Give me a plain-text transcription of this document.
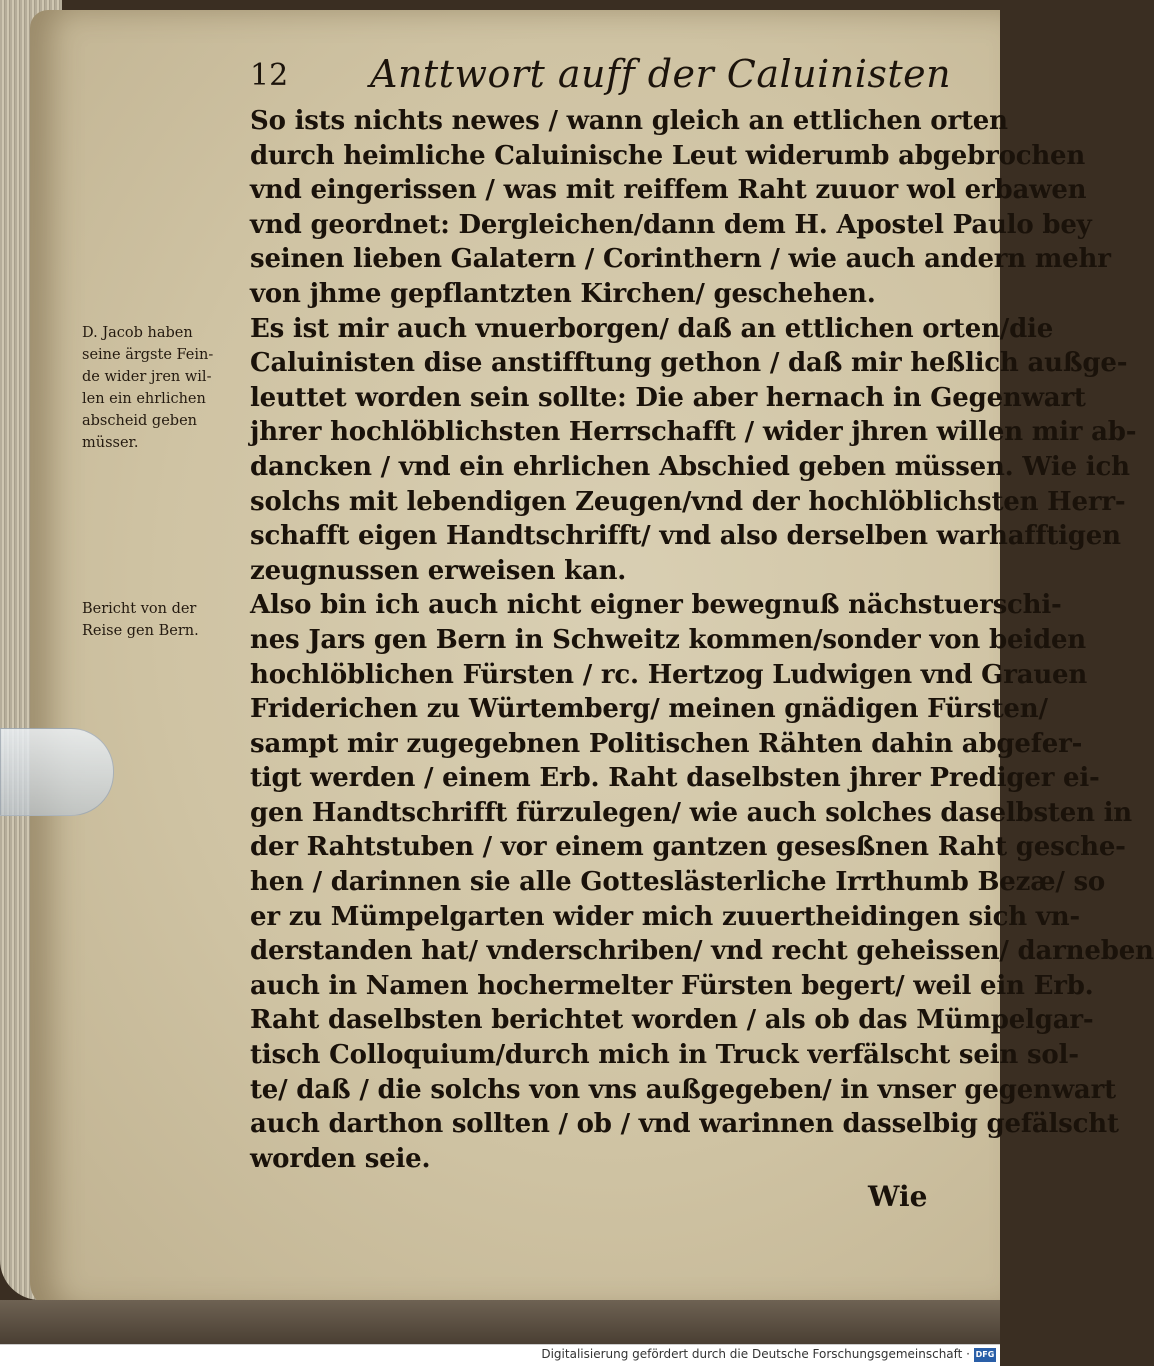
12 Anttwort auff der Caluinisten
D. Jacob haben
seine ärgste Fein-
de wider jren wil-
len ein ehrlichen
abscheid geben
müsser.
Bericht von der
Reise gen Bern.
So ists nichts newes / wann gleich an ettlichen orten
durch heimliche Caluinische Leut widerumb abgebrochen
vnd eingerissen / was mit reiffem Raht zuuor wol erbawen
vnd geordnet: Dergleichen/dann dem H. Apostel Paulo bey
seinen lieben Galatern / Corinthern / wie auch andern mehr
von jhme gepflantzten Kirchen/ geschehen.
Es ist mir auch vnuerborgen/ daß an ettlichen orten/die
Caluinisten dise anstifftung gethon / daß mir heßlich außge-
leuttet worden sein sollte: Die aber hernach in Gegenwart
jhrer hochlöblichsten Herrschafft / wider jhren willen mir ab-
dancken / vnd ein ehrlichen Abschied geben müssen. Wie ich
solchs mit lebendigen Zeugen/vnd der hochlöblichsten Herr-
schafft eigen Handtschrifft/ vnd also derselben warhafftigen
zeugnussen erweisen kan.
Also bin ich auch nicht eigner bewegnuß nächstuerschi-
nes Jars gen Bern in Schweitz kommen/sonder von beiden
hochlöblichen Fürsten / rc. Hertzog Ludwigen vnd Grauen
Friderichen zu Würtemberg/ meinen gnädigen Fürsten/
sampt mir zugegebnen Politischen Rähten dahin abgefer-
tigt werden / einem Erb. Raht daselbsten jhrer Prediger ei-
gen Handtschrifft fürzulegen/ wie auch solches daselbsten in
der Rahtstuben / vor einem gantzen gesesßnen Raht gesche-
hen / darinnen sie alle Gotteslästerliche Irrthumb Bezæ/ so
er zu Mümpelgarten wider mich zuuertheidingen sich vn-
derstanden hat/ vnderschriben/ vnd recht geheissen/ darneben
auch in Namen hochermelter Fürsten begert/ weil ein Erb.
Raht daselbsten berichtet worden / als ob das Mümpelgar-
tisch Colloquium/durch mich in Truck verfälscht sein sol-
te/ daß / die solchs von vns außgegeben/ in vnser gegenwart
auch darthon sollten / ob / vnd warinnen dasselbig gefälscht
worden seie.
Wie
Digitalisierung gefördert durch die Deutsche Forschungsgemeinschaft · DFG
